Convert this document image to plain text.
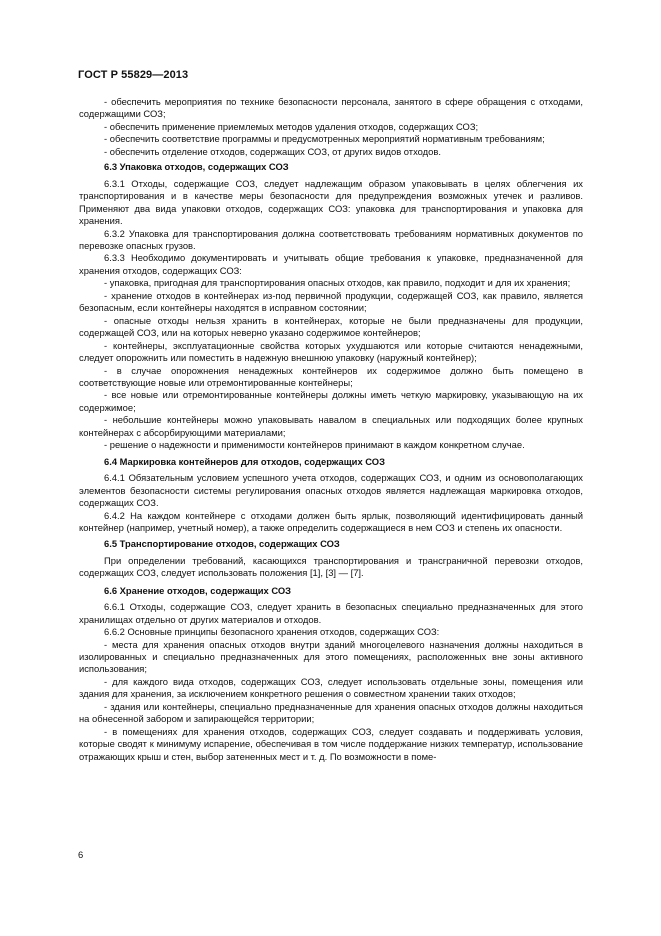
ГОСТ Р 55829—2013

- обеспечить мероприятия по технике безопасности персонала, занятого в сфере обращения с отходами, содержащими СОЗ;

- обеспечить применение приемлемых методов удаления отходов, содержащих СОЗ;

- обеспечить соответствие программы и предусмотренных мероприятий нормативным требованиям;

- обеспечить отделение отходов, содержащих СОЗ, от других видов отходов.

6.3 Упаковка отходов, содержащих СОЗ

6.3.1 Отходы, содержащие СОЗ, следует надлежащим образом упаковывать в целях облегчения их транспортирования и в качестве меры безопасности для предупреждения возможных утечек и разливов. Применяют два вида упаковки отходов, содержащих СОЗ: упаковка для транспортирования и упаковка для хранения.

6.3.2 Упаковка для транспортирования должна соответствовать требованиям нормативных документов по перевозке опасных грузов.

6.3.3 Необходимо документировать и учитывать общие требования к упаковке, предназначенной для хранения отходов, содержащих СОЗ:

- упаковка, пригодная для транспортирования опасных отходов, как правило, подходит и для их хранения;

- хранение отходов в контейнерах из-под первичной продукции, содержащей СОЗ, как правило, является безопасным, если контейнеры находятся в исправном состоянии;

- опасные отходы нельзя хранить в контейнерах, которые не были предназначены для продукции, содержащей СОЗ, или на которых неверно указано содержимое контейнеров;

- контейнеры, эксплуатационные свойства которых ухудшаются или которые считаются ненадежными, следует опорожнить или поместить в надежную внешнюю упаковку (наружный контейнер);

- в случае опорожнения ненадежных контейнеров их содержимое должно быть помещено в соответствующие новые или отремонтированные контейнеры;

- все новые или отремонтированные контейнеры должны иметь четкую маркировку, указывающую на их содержимое;

- небольшие контейнеры можно упаковывать навалом в специальных или подходящих более крупных контейнерах с абсорбирующими материалами;

- решение о надежности и применимости контейнеров принимают в каждом конкретном случае.

6.4 Маркировка контейнеров для отходов, содержащих СОЗ

6.4.1 Обязательным условием успешного учета отходов, содержащих СОЗ, и одним из основополагающих элементов безопасности системы регулирования опасных отходов является надлежащая маркировка отходов, содержащих СОЗ.

6.4.2 На каждом контейнере с отходами должен быть ярлык, позволяющий идентифицировать данный контейнер (например, учетный номер), а также определить содержащиеся в нем СОЗ и степень их опасности.

6.5 Транспортирование отходов, содержащих СОЗ

При определении требований, касающихся транспортирования и трансграничной перевозки отходов, содержащих СОЗ, следует использовать положения [1], [3] — [7].

6.6 Хранение отходов, содержащих СОЗ

6.6.1 Отходы, содержащие СОЗ, следует хранить в безопасных специально предназначенных для этого хранилищах отдельно от других материалов и отходов.

6.6.2 Основные принципы безопасного хранения отходов, содержащих СОЗ:

- места для хранения опасных отходов внутри зданий многоцелевого назначения должны находиться в изолированных и специально предназначенных для этого помещениях, расположенных вне зоны активного использования;

- для каждого вида отходов, содержащих СОЗ, следует использовать отдельные зоны, помещения или здания для хранения, за исключением конкретного решения о совместном хранении таких отходов;

- здания или контейнеры, специально предназначенные для хранения опасных отходов должны находиться на обнесенной забором и запирающейся территории;

- в помещениях для хранения отходов, содержащих СОЗ, следует создавать и поддерживать условия, которые сводят к минимуму испарение, обеспечивая в том числе поддержание низких температур, использование отражающих крыш и стен, выбор затененных мест и т. д. По возможности в поме-

6
